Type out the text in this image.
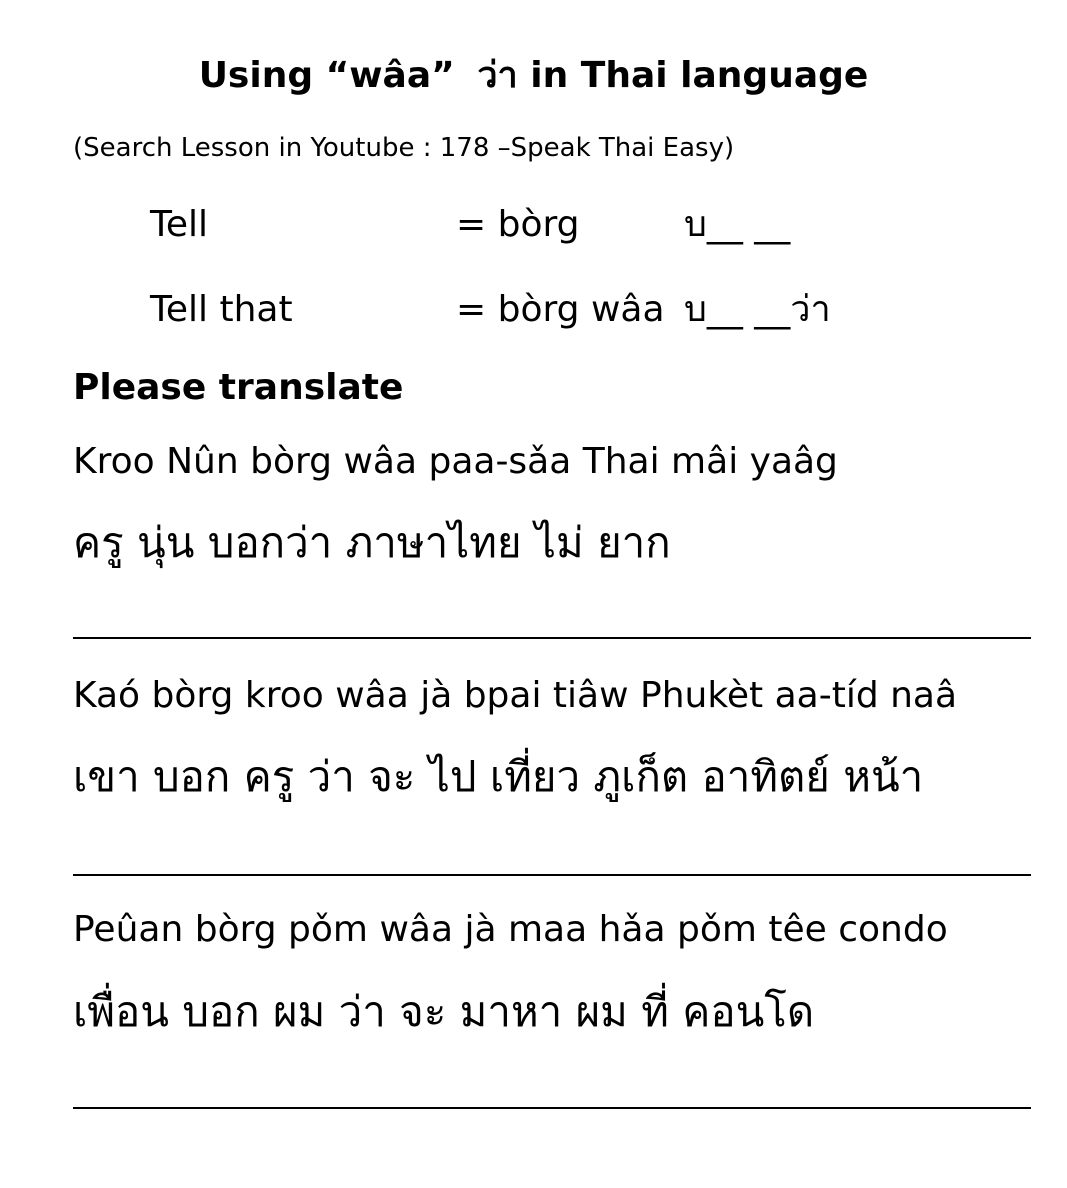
Using “wâa” ว่า in Thai language
(Search Lesson in Youtube : 178 –Speak Thai Easy)
Tell	= bòrg	บ__ __
Tell that	= bòrg wâa บ__ __ว่า
Please translate
Kroo Nûn bòrg wâa paa-sǎa Thai mâi yaâg
ครู นุ่น บอกว่า ภาษาไทย ไม่ ยาก
Kaó bòrg kroo wâa jà bpai tiâw Phukèt aa-tíd naâ
เขา บอก ครู ว่า จะ ไป เที่ยว ภูเก็ต อาทิตย์ หน้า
Peûan bòrg pǒm wâa jà maa hǎa pǒm têe condo
เพื่อน บอก ผม ว่า จะ มาหา ผม ที่ คอนโด
